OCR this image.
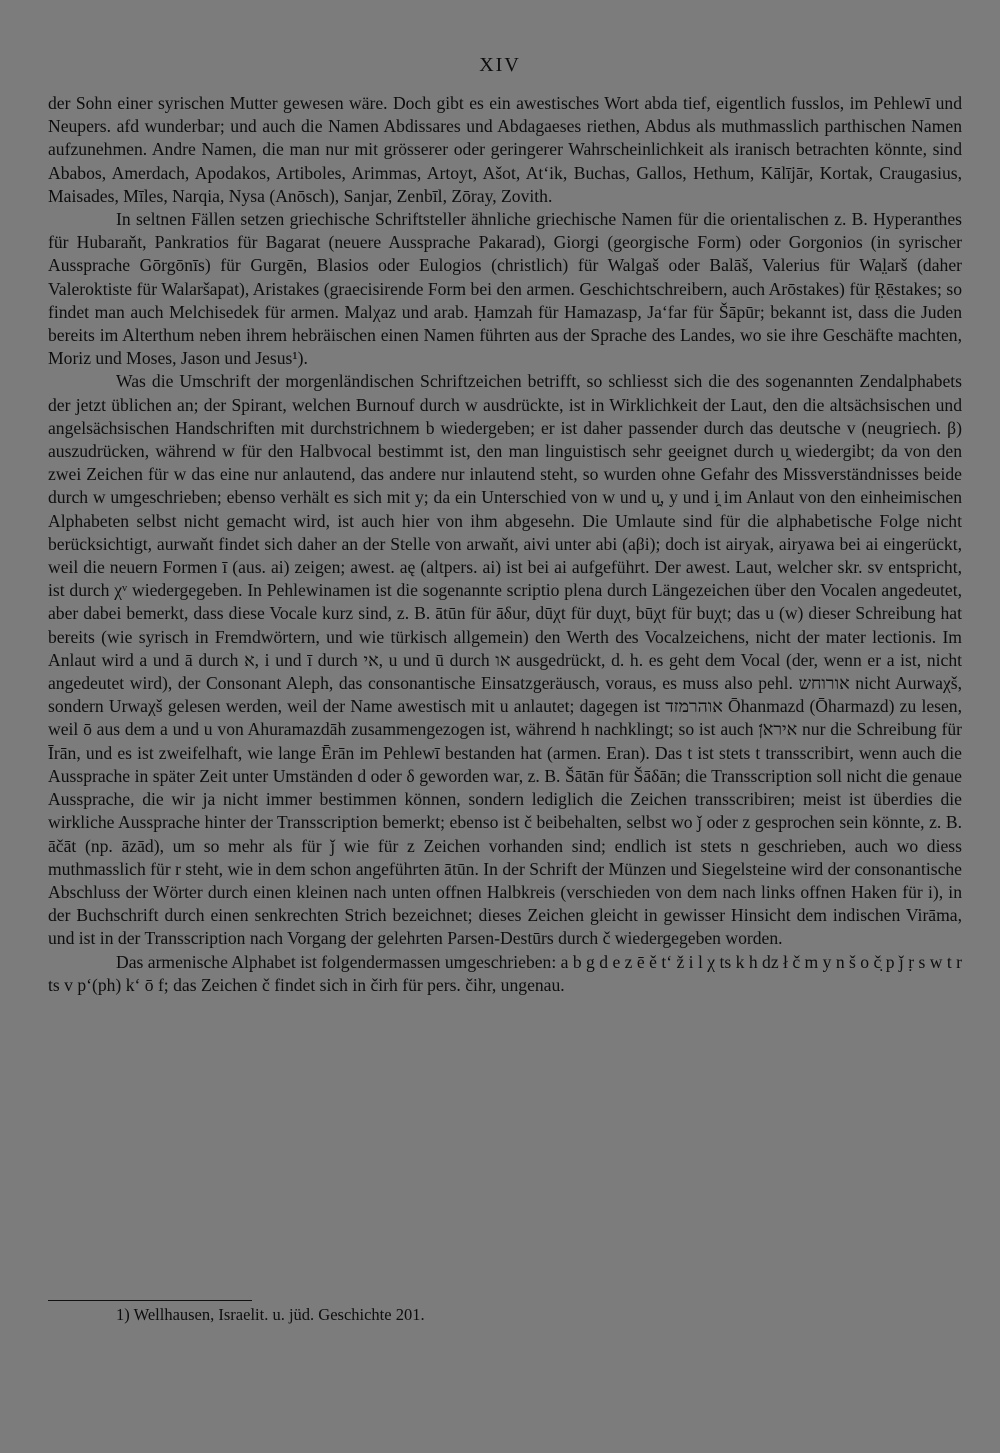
XIV

der Sohn einer syrischen Mutter gewesen wäre. Doch gibt es ein awestisches Wort abda tief, eigentlich fusslos, im Pehlewī und Neupers. afd wunderbar; und auch die Namen Abdissares und Abdagaeses riethen, Abdus als muthmasslich parthischen Namen aufzunehmen. Andre Namen, die man nur mit grösserer oder geringerer Wahrscheinlichkeit als iranisch betrachten könnte, sind Ababos, Amerdach, Apodakos, Artiboles, Arimmas, Artoyt, Ašot, At‘ik, Buchas, Gallos, Hethum, Kālījār, Kortak, Craugasius, Maisades, Mīles, Narqia, Nysa (Anōsch), Sanjar, Zenbīl, Zōray, Zovith.

In seltnen Fällen setzen griechische Schriftsteller ähnliche griechische Namen für die orientalischen z. B. Hyperanthes für Hubaraňt, Pankratios für Bagarat (neuere Aussprache Pakarad), Giorgi (georgische Form) oder Gorgonios (in syrischer Aussprache Gōrgōnīs) für Gurgēn, Blasios oder Eulogios (christlich) für Walgaš oder Balāš, Valerius für Wal̤arš (daher Valeroktiste für Walaršapat), Aristakes (graecisirende Form bei den armen. Geschichtschreibern, auch Arōstakes) für R̤ēstakes; so findet man auch Melchisedek für armen. Malχaz und arab. Ḥamzah für Hamazasp, Ja‘far für Šāpūr; bekannt ist, dass die Juden bereits im Alterthum neben ihrem hebräischen einen Namen führten aus der Sprache des Landes, wo sie ihre Geschäfte machten, Moriz und Moses, Jason und Jesus¹).

Was die Umschrift der morgenländischen Schriftzeichen betrifft, so schliesst sich die des sogenannten Zendalphabets der jetzt üblichen an; der Spirant, welchen Burnouf durch w ausdrückte, ist in Wirklichkeit der Laut, den die altsächsischen und angelsächsischen Handschriften mit durchstrichnem b wiedergeben; er ist daher passender durch das deutsche v (neugriech. β) auszudrücken, während w für den Halbvocal bestimmt ist, den man linguistisch sehr geeignet durch u̯ wiedergibt; da von den zwei Zeichen für w das eine nur anlautend, das andere nur inlautend steht, so wurden ohne Gefahr des Missverständnisses beide durch w umgeschrieben; ebenso verhält es sich mit y; da ein Unterschied von w und u̯, y und i̯ im Anlaut von den einheimischen Alphabeten selbst nicht gemacht wird, ist auch hier von ihm abgesehn. Die Umlaute sind für die alphabetische Folge nicht berücksichtigt, aurwaňt findet sich daher an der Stelle von arwaňt, aivi unter abi (aβi); doch ist airyak, airyawa bei ai eingerückt, weil die neuern Formen ī (aus. ai) zeigen; awest. aę (altpers. ai) ist bei ai aufgeführt. Der awest. Laut, welcher skr. sv entspricht, ist durch χᵛ wiedergegeben. In Pehlewinamen ist die sogenannte scriptio plena durch Längezeichen über den Vocalen angedeutet, aber dabei bemerkt, dass diese Vocale kurz sind, z. B. ātūn für āδur, dūχt für duχt, būχt für buχt; das u (w) dieser Schreibung hat bereits (wie syrisch in Fremdwörtern, und wie türkisch allgemein) den Werth des Vocalzeichens, nicht der mater lectionis. Im Anlaut wird a und ā durch א, i und ī durch אי, u und ū durch או ausgedrückt, d. h. es geht dem Vocal (der, wenn er a ist, nicht angedeutet wird), der Consonant Aleph, das consonantische Einsatzgeräusch, voraus, es muss also pehl. אורוחש nicht Aurwaχš, sondern Urwaχš gelesen werden, weil der Name awestisch mit u anlautet; dagegen ist אוהרמזד Ōhanmazd (Ōharmazd) zu lesen, weil ō aus dem a und u von Ahuramazdāh zusammengezogen ist, während h nachklingt; so ist auch אירא̈ן nur die Schreibung für Īrān, und es ist zweifelhaft, wie lange Ērān im Pehlewī bestanden hat (armen. Eran). Das t ist stets t transscribirt, wenn auch die Aussprache in später Zeit unter Umständen d oder δ geworden war, z. B. Šātān für Šāδān; die Transscription soll nicht die genaue Aussprache, die wir ja nicht immer bestimmen können, sondern lediglich die Zeichen transscribiren; meist ist überdies die wirkliche Aussprache hinter der Transscription bemerkt; ebenso ist č beibehalten, selbst wo ǰ oder z gesprochen sein könnte, z. B. āčāt (np. āzād), um so mehr als für ǰ wie für z Zeichen vorhanden sind; endlich ist stets n geschrieben, auch wo diess muthmasslich für r steht, wie in dem schon angeführten ātūn. In der Schrift der Münzen und Siegelsteine wird der consonantische Abschluss der Wörter durch einen kleinen nach unten offnen Halbkreis (verschieden von dem nach links offnen Haken für i), in der Buchschrift durch einen senkrechten Strich bezeichnet; dieses Zeichen gleicht in gewisser Hinsicht dem indischen Virāma, und ist in der Transscription nach Vorgang der gelehrten Parsen-Destūrs durch č wiedergegeben worden.

Das armenische Alphabet ist folgendermassen umgeschrieben: a b g d e z ē ě t‘ ž i l χ ts k h dz ł č m y n š o č̣ p ǰ ṛ s w t r ts v p‘(ph) k‘ ō f; das Zeichen č findet sich in čirh für pers. čihr, ungenau.

1) Wellhausen, Israelit. u. jüd. Geschichte 201.
